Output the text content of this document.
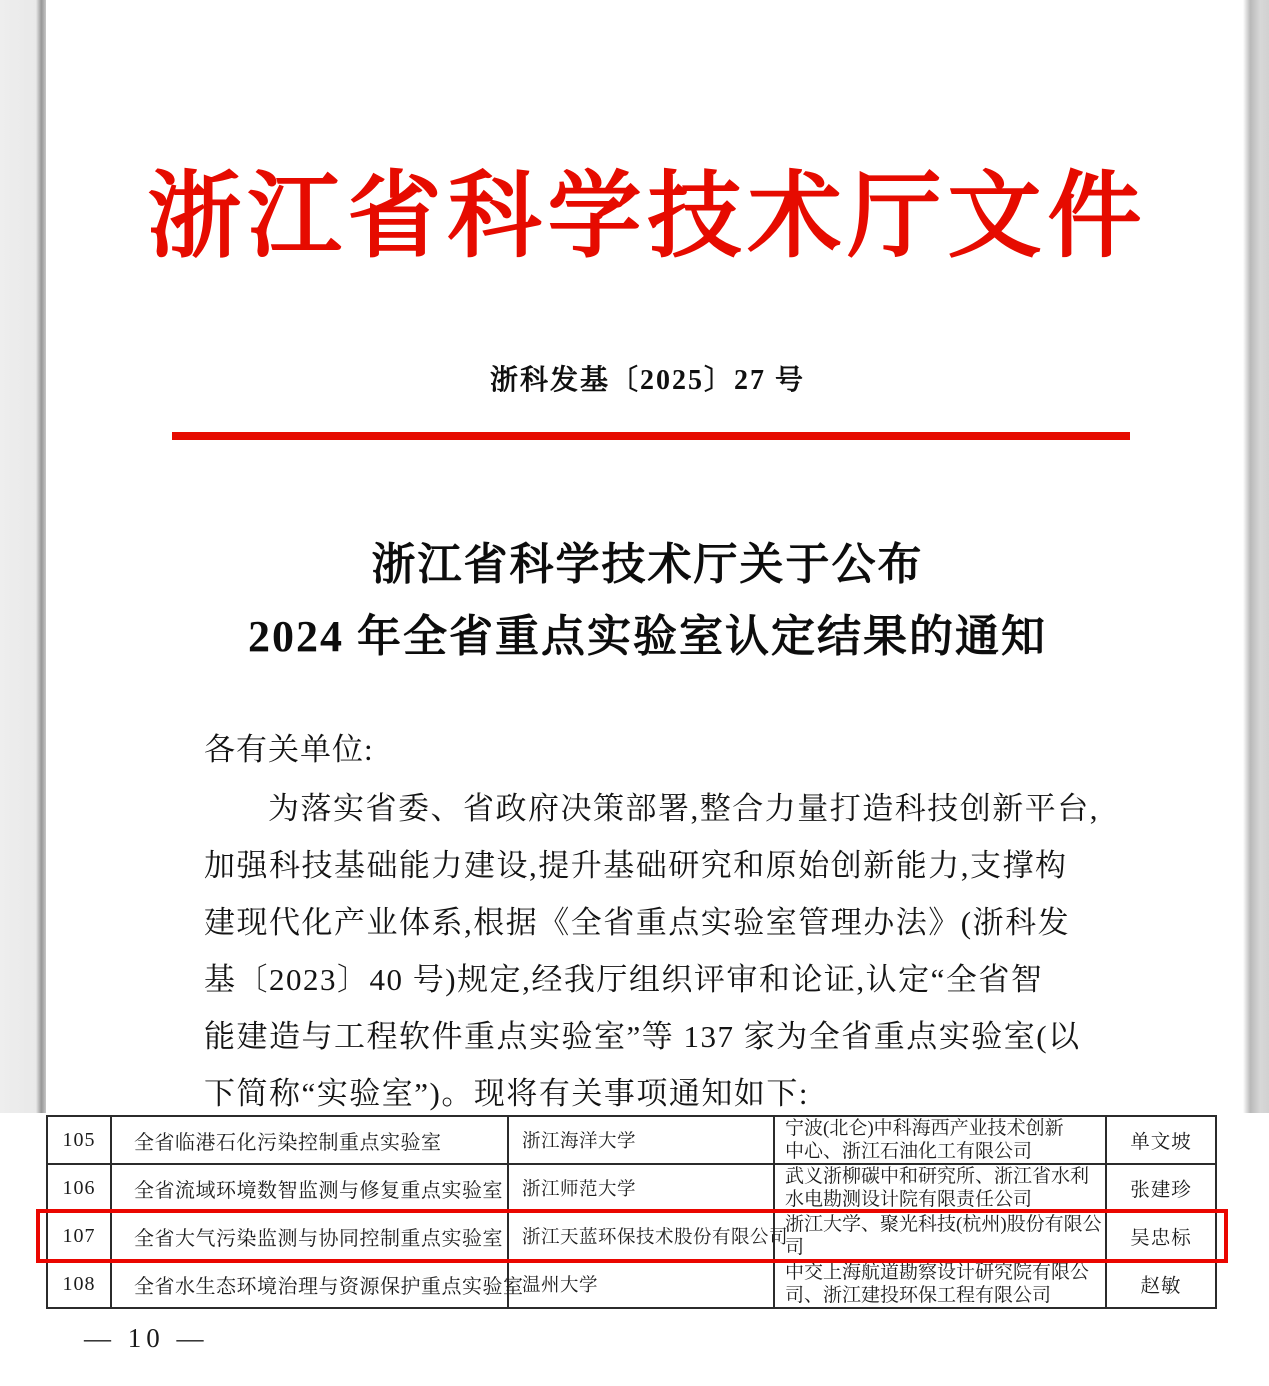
浙江省科学技术厅文件
浙科发基〔2025〕27 号
浙江省科学技术厅关于公布
2024 年全省重点实验室认定结果的通知
各有关单位:
为落实省委、省政府决策部署,整合力量打造科技创新平台,
加强科技基础能力建设,提升基础研究和原始创新能力,支撑构
建现代化产业体系,根据《全省重点实验室管理办法》(浙科发
基〔2023〕40 号)规定,经我厅组织评审和论证,认定“全省智
能建造与工程软件重点实验室”等 137 家为全省重点实验室(以
下简称“实验室”)。现将有关事项通知如下:
105	全省临港石化污染控制重点实验室	浙江海洋大学	宁波(北仑)中科海西产业技术创新
中心、浙江石油化工有限公司	单文坡
106	全省流域环境数智监测与修复重点实验室	浙江师范大学	武义浙柳碳中和研究所、浙江省水利
水电勘测设计院有限责任公司	张建珍
107	全省大气污染监测与协同控制重点实验室	浙江天蓝环保技术股份有限公司	浙江大学、聚光科技(杭州)股份有限公
司	吴忠标
108	全省水生态环境治理与资源保护重点实验室	温州大学	中交上海航道勘察设计研究院有限公
司、浙江建投环保工程有限公司	赵敏
— 10 —
